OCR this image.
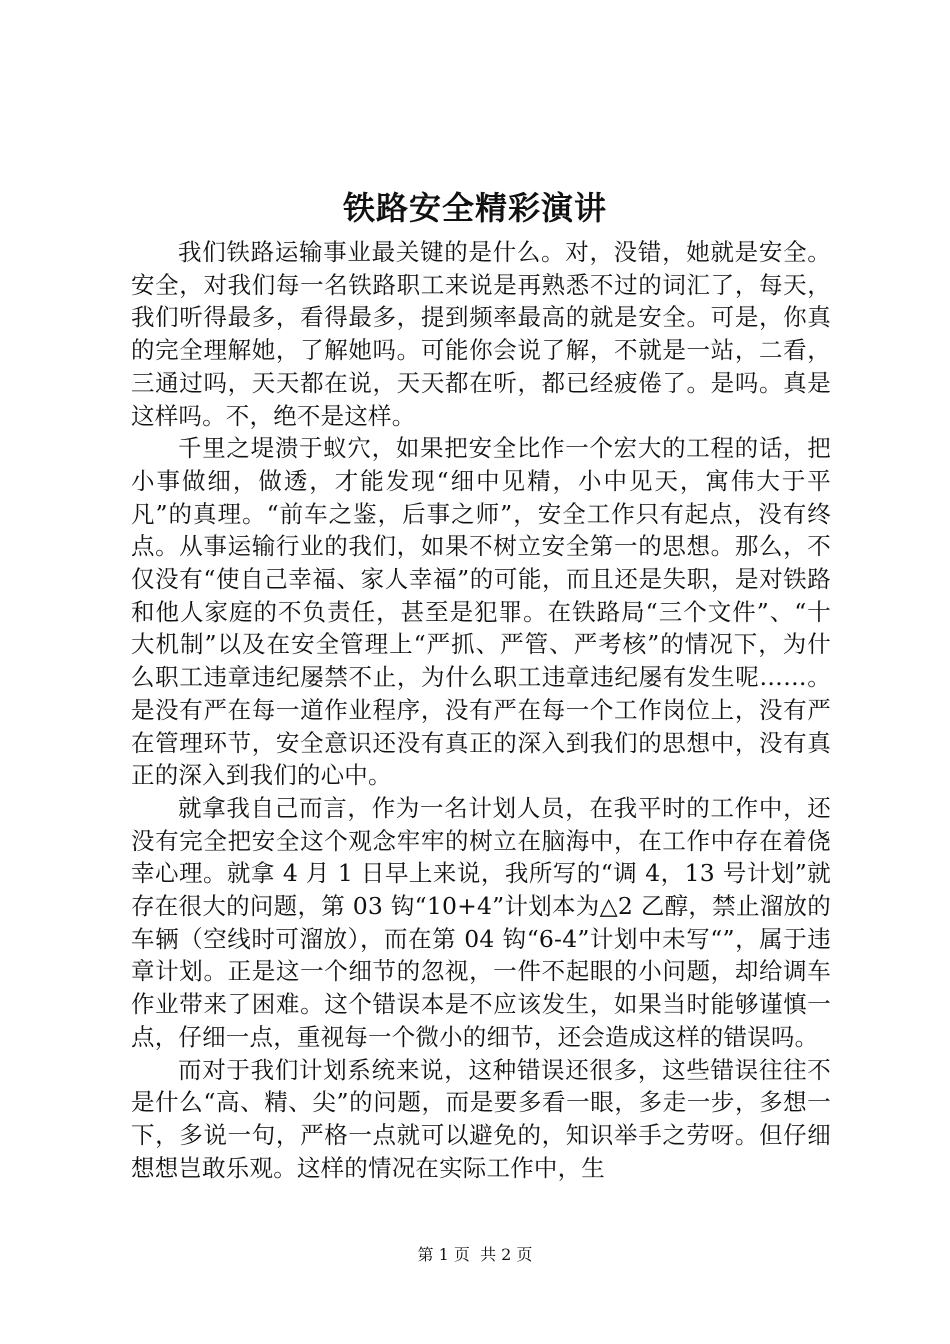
铁路安全精彩演讲

我们铁路运输事业最关键的是什么。对，没错，她就是安全。安全，对我们每一名铁路职工来说是再熟悉不过的词汇了，每天，我们听得最多，看得最多，提到频率最高的就是安全。可是，你真的完全理解她，了解她吗。可能你会说了解，不就是一站，二看，三通过吗，天天都在说，天天都在听，都已经疲倦了。是吗。真是这样吗。不，绝不是这样。

千里之堤溃于蚁穴，如果把安全比作一个宏大的工程的话，把小事做细，做透，才能发现“细中见精，小中见天，寓伟大于平凡”的真理。“前车之鉴，后事之师”，安全工作只有起点，没有终点。从事运输行业的我们，如果不树立安全第一的思想。那么，不仅没有“使自己幸福、家人幸福”的可能，而且还是失职，是对铁路和他人家庭的不负责任，甚至是犯罪。在铁路局“三个文件”、“十大机制”以及在安全管理上“严抓、严管、严考核”的情况下，为什么职工违章违纪屡禁不止，为什么职工违章违纪屡有发生呢……。是没有严在每一道作业程序，没有严在每一个工作岗位上，没有严在管理环节，安全意识还没有真正的深入到我们的思想中，没有真正的深入到我们的心中。

就拿我自己而言，作为一名计划人员，在我平时的工作中，还没有完全把安全这个观念牢牢的树立在脑海中，在工作中存在着侥幸心理。就拿 4 月 1 日早上来说，我所写的“调 4，13 号计划”就存在很大的问题，第 03 钩“10+4”计划本为△2 乙醇，禁止溜放的车辆（空线时可溜放），而在第 04 钩“6-4”计划中未写“”，属于违章计划。正是这一个细节的忽视，一件不起眼的小问题，却给调车作业带来了困难。这个错误本是不应该发生，如果当时能够谨慎一点，仔细一点，重视每一个微小的细节，还会造成这样的错误吗。

而对于我们计划系统来说，这种错误还很多，这些错误往往不是什么“高、精、尖”的问题，而是要多看一眼，多走一步，多想一下，多说一句，严格一点就可以避免的，知识举手之劳呀。但仔细想想岂敢乐观。这样的情况在实际工作中，生

第 1 页  共 2 页
